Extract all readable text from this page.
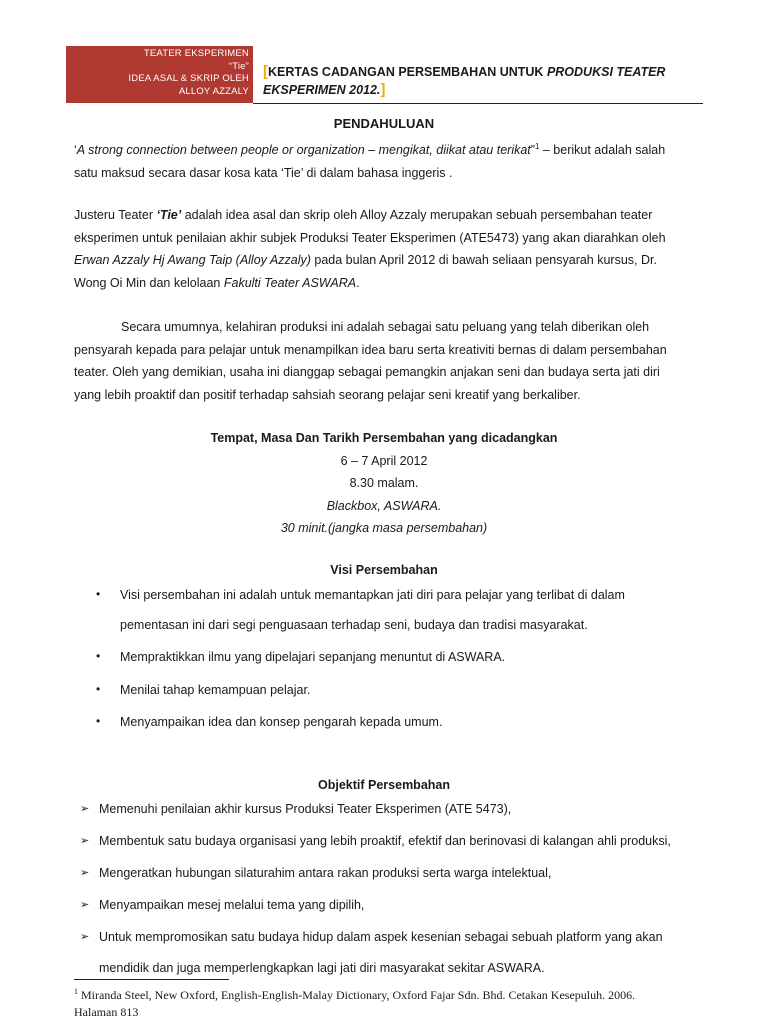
TEATER EKSPERIMEN
“Tie”
IDEA ASAL & SKRIP OLEH
ALLOY AZZALY
[KERTAS CADANGAN PERSEMBAHAN UNTUK PRODUKSI TEATER
EKSPERIMEN 2012.]
PENDAHULUAN
‘A strong connection between people or organization – mengikat, diikat atau terikat”$^1$ – berikut adalah salah
satu maksud secara dasar kosa kata ‘Tie’ di dalam bahasa inggeris .
Justeru Teater ‘Tie’ adalah idea asal dan skrip oleh Alloy Azzaly merupakan sebuah persembahan teater
eksperimen untuk penilaian akhir subjek Produksi Teater Eksperimen (ATE5473) yang akan diarahkan oleh
Erwan Azzaly Hj Awang Taip (Alloy Azzaly) pada bulan April 2012 di bawah seliaan pensyarah kursus, Dr.
Wong Oi Min dan kelolaan Fakulti Teater ASWARA.
Secara umumnya, kelahiran produksi ini adalah sebagai satu peluang yang telah diberikan oleh
pensyarah kepada para pelajar untuk menampilkan idea baru serta kreativiti bernas di dalam persembahan
teater. Oleh yang demikian, usaha ini dianggap sebagai pemangkin anjakan seni dan budaya serta jati diri
yang lebih proaktif dan positif terhadap sahsiah seorang pelajar seni kreatif yang berkaliber.
Tempat, Masa Dan Tarikh Persembahan yang dicadangkan
6 – 7 April 2012
8.30 malam.
Blackbox, ASWARA.
30 minit.(jangka masa persembahan)
Visi Persembahan
• Visi persembahan ini adalah untuk memantapkan jati diri para pelajar yang terlibat di dalam
pementasan ini dari segi penguasaan terhadap seni, budaya dan tradisi masyarakat.
• Mempraktikkan ilmu yang dipelajari sepanjang menuntut di ASWARA.
• Menilai tahap kemampuan pelajar.
• Menyampaikan idea dan konsep pengarah kepada umum.
Objektif Persembahan
➢ Memenuhi penilaian akhir kursus Produksi Teater Eksperimen (ATE 5473),
➢ Membentuk satu budaya organisasi yang lebih proaktif, efektif dan berinovasi di kalangan ahli produksi,
➢ Mengeratkan hubungan silaturahim antara rakan produksi serta warga intelektual,
➢ Menyampaikan mesej melalui tema yang dipilih,
➢ Untuk mempromosikan satu budaya hidup dalam aspek kesenian sebagai sebuah platform yang akan
mendidik dan juga memperlengkapkan lagi jati diri masyarakat sekitar ASWARA.
$^1$ Miranda Steel, New Oxford, English-English-Malay Dictionary, Oxford Fajar Sdn. Bhd. Cetakan Kesepuluh. 2006.
Halaman 813
